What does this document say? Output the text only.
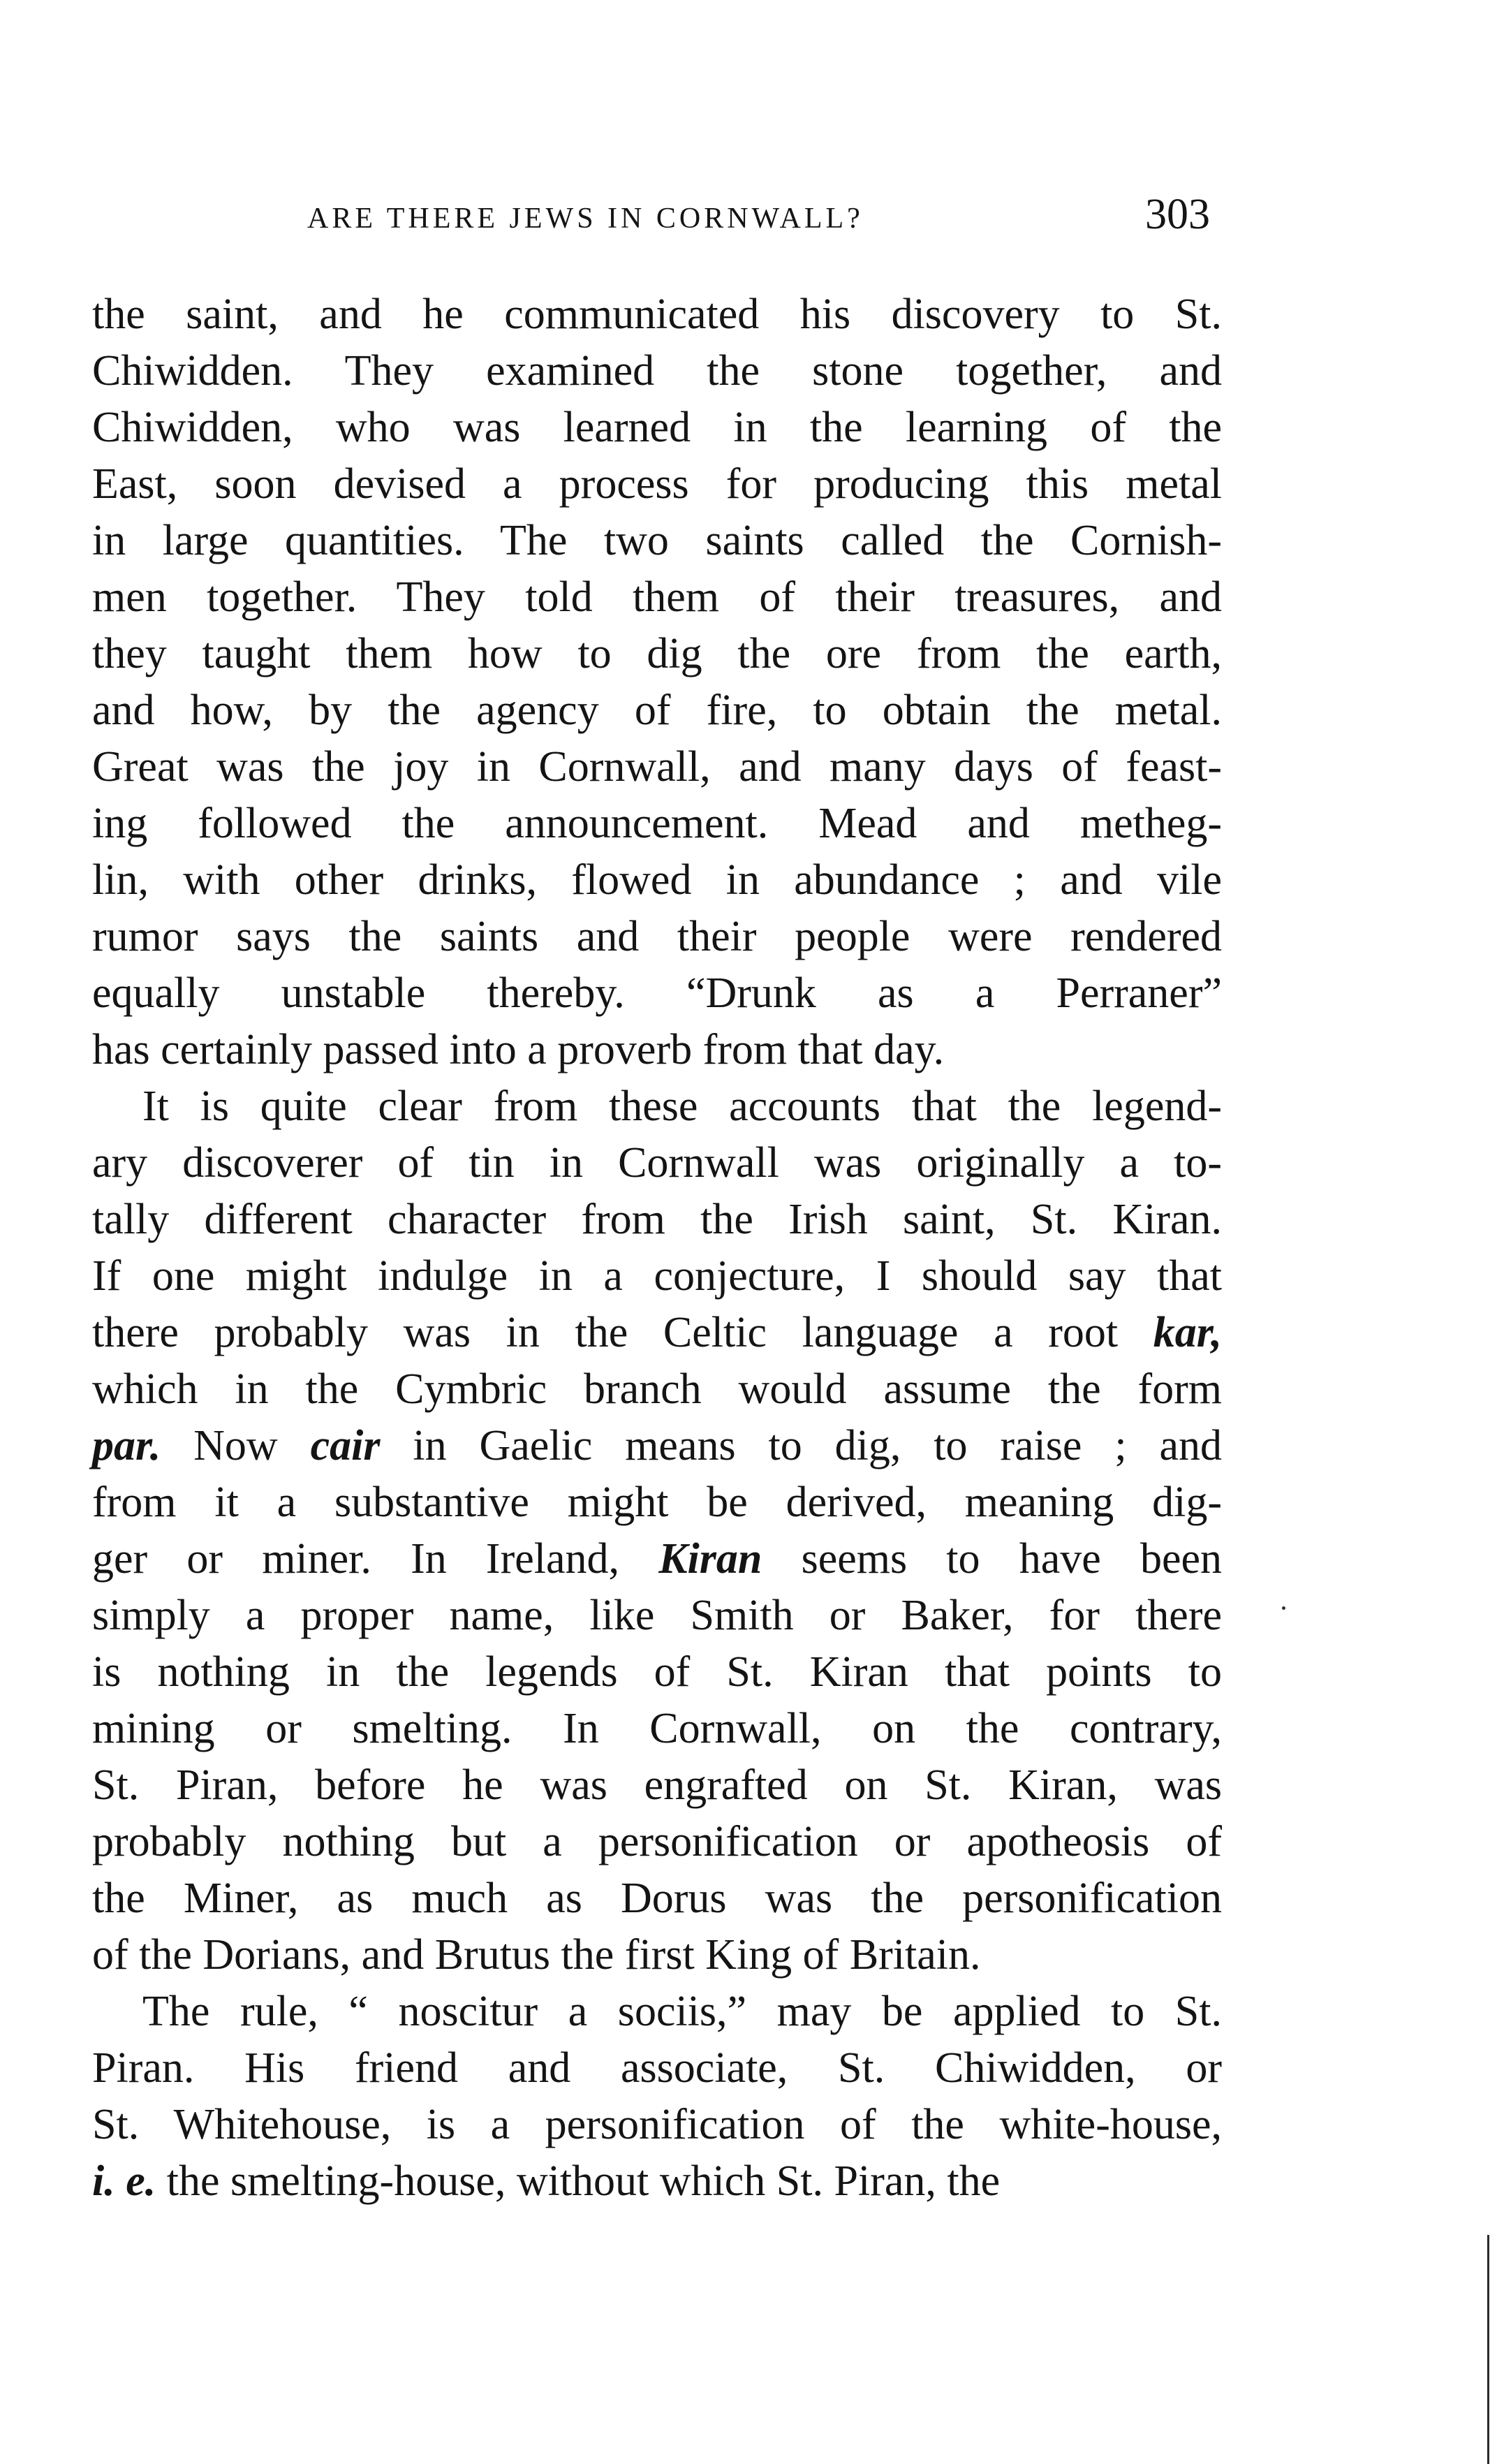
ARE THERE JEWS IN CORNWALL?	303
the saint, and he communicated his discovery to St.
Chiwidden. They examined the stone together, and
Chiwidden, who was learned in the learning of the
East, soon devised a process for producing this metal
in large quantities. The two saints called the Cornish-
men together. They told them of their treasures, and
they taught them how to dig the ore from the earth,
and how, by the agency of fire, to obtain the metal.
Great was the joy in Cornwall, and many days of feast-
ing followed the announcement. Mead and metheg-
lin, with other drinks, flowed in abundance ; and vile
rumor says the saints and their people were rendered
equally unstable thereby. “Drunk as a Perraner”
has certainly passed into a proverb from that day.
It is quite clear from these accounts that the legend-
ary discoverer of tin in Cornwall was originally a to-
tally different character from the Irish saint, St. Kiran.
If one might indulge in a conjecture, I should say that
there probably was in the Celtic language a root kar,
which in the Cymbric branch would assume the form
par. Now cair in Gaelic means to dig, to raise ; and
from it a substantive might be derived, meaning dig-
ger or miner. In Ireland, Kiran seems to have been
simply a proper name, like Smith or Baker, for there
is nothing in the legends of St. Kiran that points to
mining or smelting. In Cornwall, on the contrary,
St. Piran, before he was engrafted on St. Kiran, was
probably nothing but a personification or apotheosis of
the Miner, as much as Dorus was the personification
of the Dorians, and Brutus the first King of Britain.
The rule, “ noscitur a sociis,” may be applied to St.
Piran. His friend and associate, St. Chiwidden, or
St. Whitehouse, is a personification of the white-house,
i. e. the smelting-house, without which St. Piran, the
